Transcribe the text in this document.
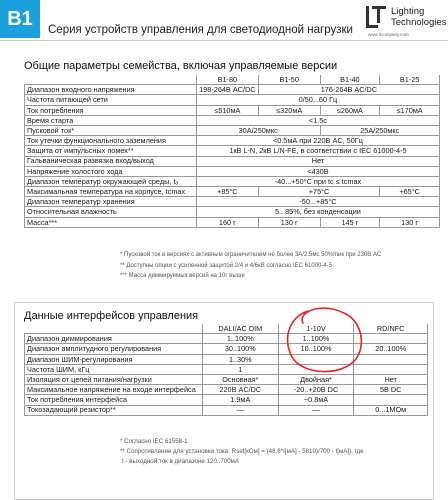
B1	Серия устройств управления для светодиодной нагрузки
Lighting
Technologies
www.ltcompany.com
Общие параметры семейства, включая управляемые версии
	B1-80	B1-50	B1-40	B1-25
Диапазон входного напряжения	198-264В AC/DC	176-264В AC/DC		
Частота питающей сети	0/50...60 Гц			
Ток потребления	≤510мА	≤320мА	≤260мА	≤170мА
Время старта	<1.5с			
Пусковой ток*	30А/250мкс		25А/250мкс	
Ток утечки функционального заземления	<0.5мА при 220В AC, 50Гц			
Защита от импульсных помех**	1кВ L-N, 2кВ L/N-FE, в соответствии с IEC 61000-4-5			
Гальваническая развязка вход/выход	Нет			
Напряжение холостого хода	<430В			
Диапазон температур окружающей среды, tₐ	-40...+50°С при tc ≤ tcmax			
Максимальная температура на корпусе, tcmax	+85°С	+75°С		+65°С
Диапазон температур хранения	-50...+85°С			
Относительная влажность	5...85%, без конденсации			
Масса***	160 г	130 г	145 г	130 г
* Пусковой ток в версиях с активным ограничителем не более 3А/2.5мс 50%Iпик при 230В AC
** Доступны опции с усиленной защитой 2/4 и 4/6кВ согласно IEC 61000-4-5
*** Масса диммируемых версий на 10г выше
Данные интерфейсов управления
	DALI/AC DIM	1-10V	RD/NFC
Диапазон диммирования	1..100%	1..100%	
Диапазон амплитудного регулирования	30..100%	10..100%	20..100%
Диапазон ШИМ-регулирования	1..30%		
Частота ШИМ, кГц	1		
Изоляция от цепей питания/нагрузки	Основная*	Двойная*	Нет
Максимальное напряжение на входе интерфейса	220В AC/DC	-20..+20В DC	5В DC
Ток потребления интерфейса	1.9мА	~0.8мА	
Токозадающий резистор**	—	—	0...1МОм
* Согласно IEC 61558-1
** Сопротивление для установки тока: Rset[кОм] = (48.6*I[мА] - 5810)/700 - I[мА]), где
I - выходной ток в диапазоне 120..700мА
